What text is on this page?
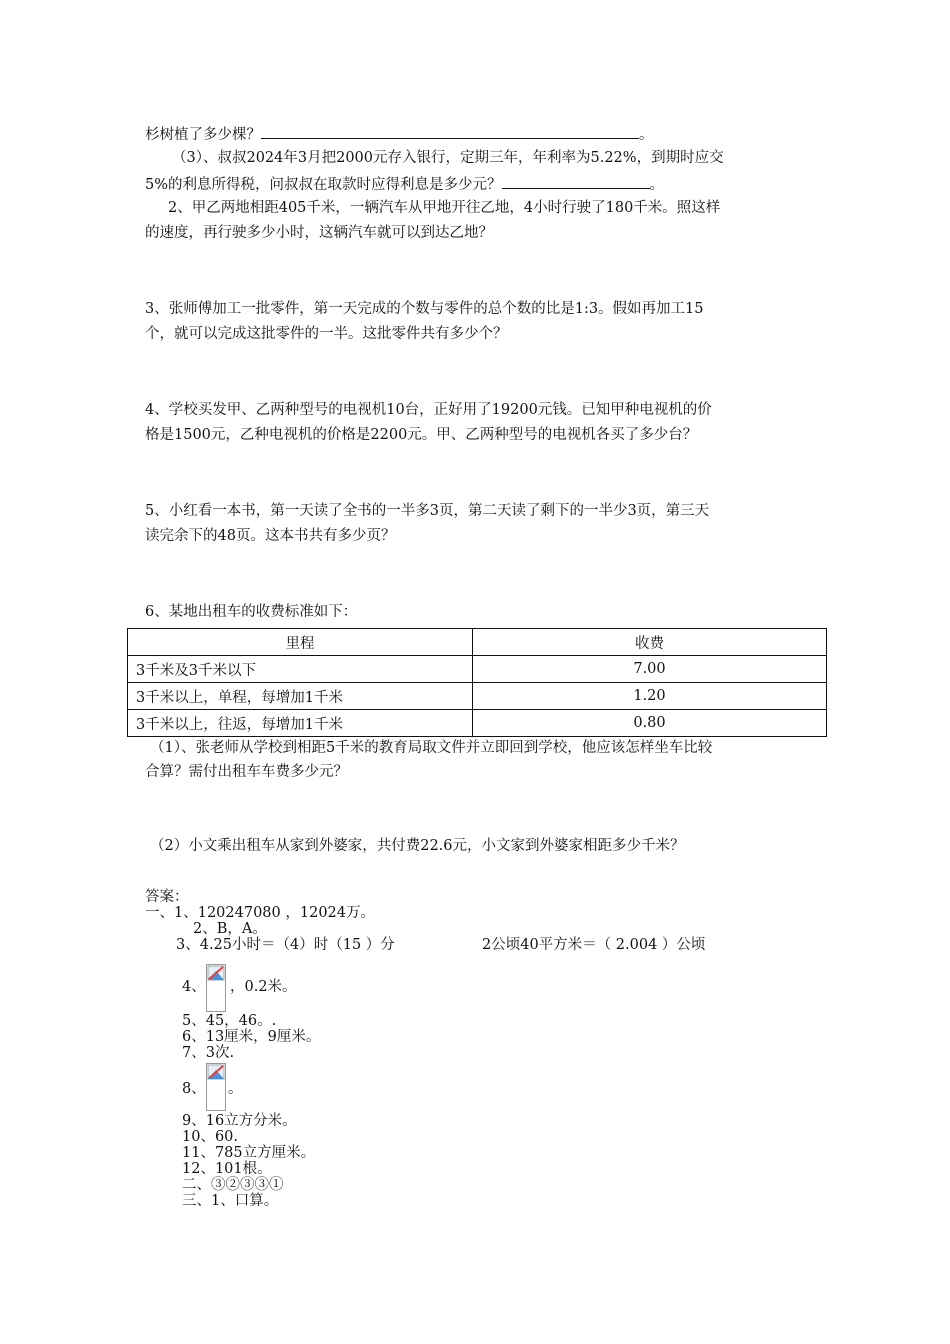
杉树植了多少棵？	。
（3）、叔叔2024年3月把2000元存入银行，定期三年，年利率为5.22%，到期时应交
5%的利息所得税，问叔叔在取款时应得利息是多少元？	。
2、甲乙两地相距405千米，一辆汽车从甲地开往乙地，4小时行驶了180千米。照这样
的速度，再行驶多少小时，这辆汽车就可以到达乙地？
3、张师傅加工一批零件，第一天完成的个数与零件的总个数的比是1:3。假如再加工15
个，就可以完成这批零件的一半。这批零件共有多少个？
4、学校买发甲、乙两种型号的电视机10台，正好用了19200元钱。已知甲种电视机的价
格是1500元，乙种电视机的价格是2200元。甲、乙两种型号的电视机各买了多少台？
5、小红看一本书，第一天读了全书的一半多3页，第二天读了剩下的一半少3页，第三天
读完余下的48页。这本书共有多少页？
6、某地出租车的收费标准如下：
里程	收费
3千米及3千米以下	7.00
3千米以上，单程，每增加1千米	1.20
3千米以上，往返，每增加1千米	0.80
（1）、张老师从学校到相距5千米的教育局取文件并立即回到学校，他应该怎样坐车比较
合算？需付出租车车费多少元？
（2）小文乘出租车从家到外婆家，共付费22.6元，小文家到外婆家相距多少千米？
答案：
一、1、120247080 ，12024万。
2、B，A。
3、4.25小时＝（4）时（15 ）分	2公顷40平方米＝（ 2.004 ）公顷
4、 ，0.2米。
5、45，46。.
6、13厘米，9厘米。
7、3次.
8、 。
9、16立方分米。
10、60.
11、785立方厘米。
12、101根。
二、③②③③①
三、1、口算。
